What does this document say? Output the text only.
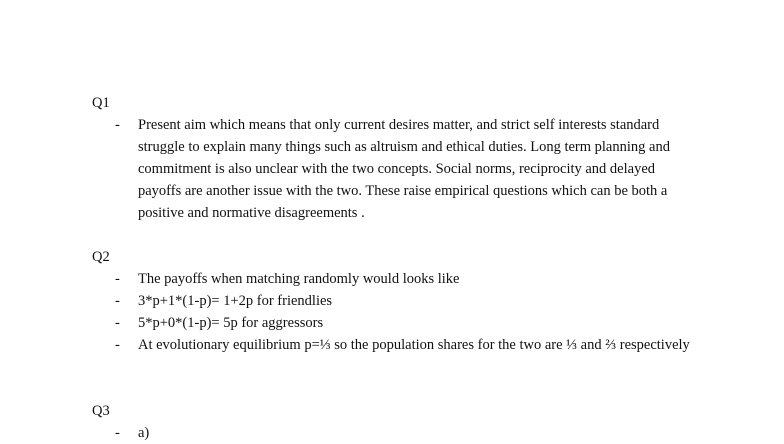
Q1
- Present aim which means that only current desires matter, and strict self interests standard struggle to explain many things such as altruism and ethical duties. Long term planning and commitment is also unclear with the two concepts. Social norms, reciprocity and delayed payoffs are another issue with the two. These raise empirical questions which can be both a positive and normative disagreements .
Q2
- The payoffs when matching randomly would looks like
- 3*p+1*(1-p)= 1+2p for friendlies
- 5*p+0*(1-p)= 5p for aggressors
- At evolutionary equilibrium p=⅓ so the population shares for the two are ⅓ and ⅔ respectively
Q3
- a)
